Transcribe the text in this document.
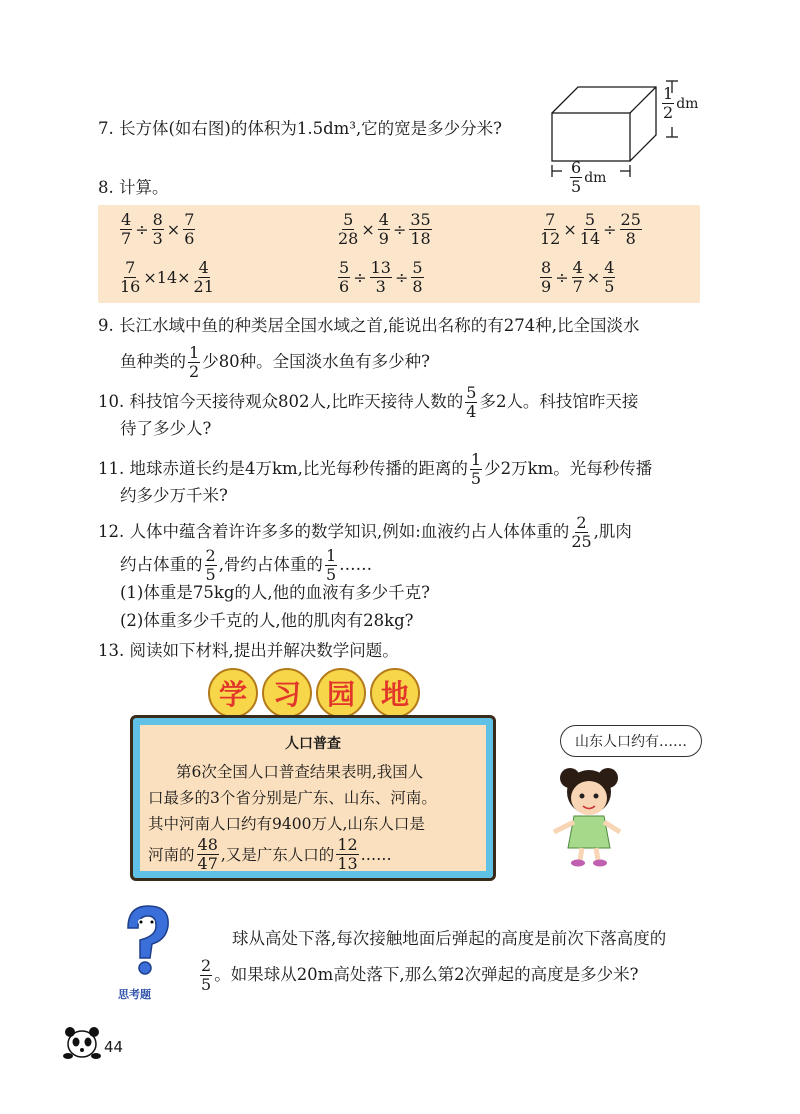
7. 长方体(如右图)的体积为1.5dm³,它的宽是多少分米?
$\frac{1}{2}$ dm
$\frac{6}{5}$ dm
8. 计算。
$\frac{4}{7} \div \frac{8}{3} \times \frac{7}{6}$	$\frac{5}{28} \times \frac{4}{9} \div \frac{35}{18}$	$\frac{7}{12} \times \frac{5}{14} \div \frac{25}{8}$
$\frac{7}{16} \times 14\times \frac{4}{21}$	$\frac{5}{6} \div \frac{13}{3} \div \frac{5}{8}$	$\frac{8}{9} \div \frac{4}{7} \times \frac{4}{5}$
9. 长江水域中鱼的种类居全国水域之首,能说出名称的有274种,比全国淡水
鱼种类的 $\frac{1}{2}$ 少80种。全国淡水鱼有多少种?
10. 科技馆今天接待观众802人,比昨天接待人数的 $\frac{5}{4}$ 多2人。科技馆昨天接
待了多少人?
11. 地球赤道长约是4万km,比光每秒传播的距离的 $\frac{1}{5}$ 少2万km。光每秒传播
约多少万千米?
12. 人体中蕴含着许许多多的数学知识,例如:血液约占人体体重的 $\frac{2}{25}$ ,肌肉
约占体重的 $\frac{2}{5}$ ,骨约占体重的 $\frac{1}{5}$ ……
(1)体重是75kg的人,他的血液有多少千克?
(2)体重多少千克的人,他的肌肉有28kg?
13. 阅读如下材料,提出并解决数学问题。
学 习 园 地
人口普查
第6次全国人口普查结果表明,我国人
口最多的3个省分别是广东、山东、河南。
其中河南人口约有9400万人,山东人口是
河南的 $\frac{48}{47}$ ,又是广东人口的 $\frac{12}{13}$ ……
山东人口约有……
思考题
球从高处下落,每次接触地面后弹起的高度是前次下落高度的
$\frac{2}{5}$ 。如果球从20m高处落下,那么第2次弹起的高度是多少米?
44
